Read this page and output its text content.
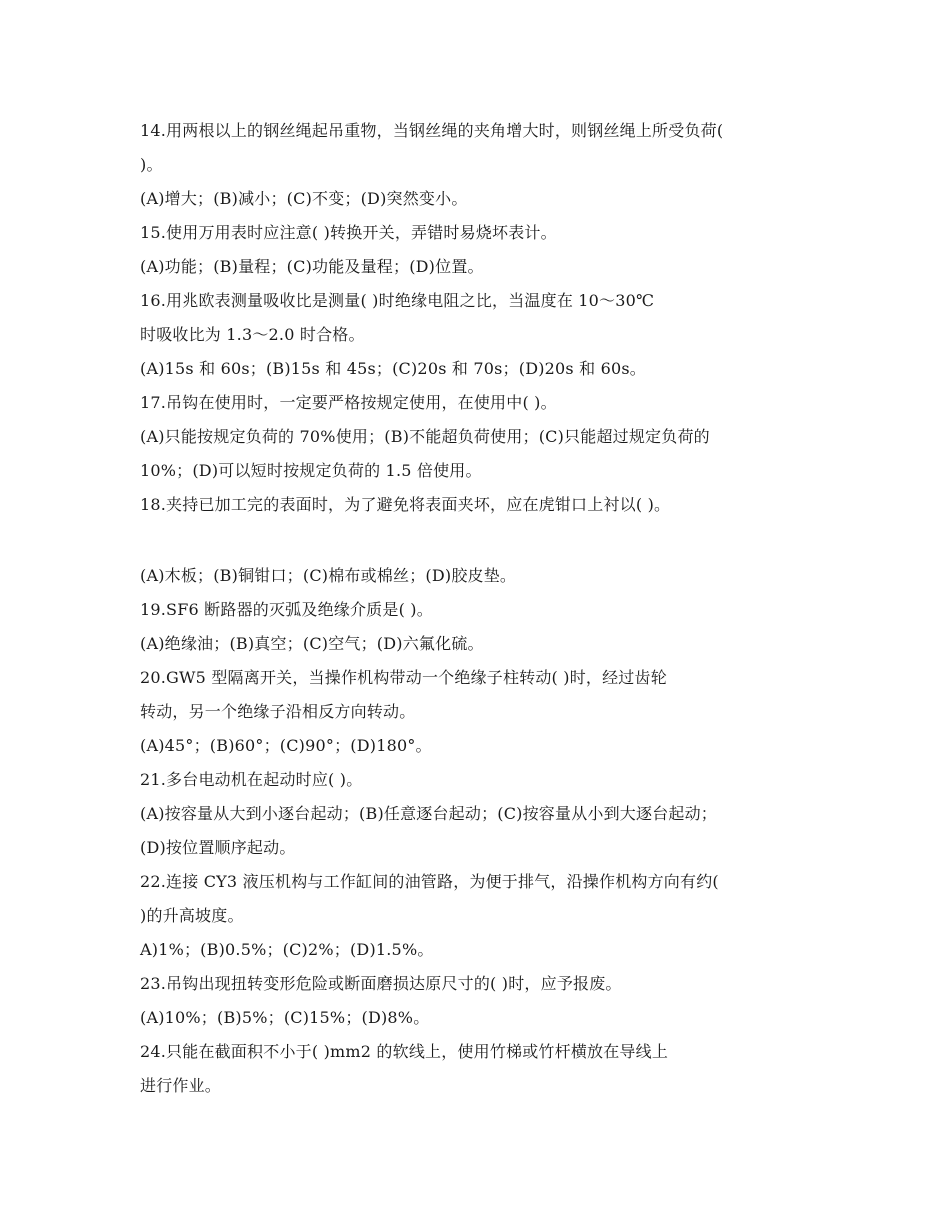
14.用两根以上的钢丝绳起吊重物，当钢丝绳的夹角增大时，则钢丝绳上所受负荷(
)。
(A)增大；(B)减小；(C)不变；(D)突然变小。
15.使用万用表时应注意( )转换开关，弄错时易烧坏表计。
(A)功能；(B)量程；(C)功能及量程；(D)位置。
16.用兆欧表测量吸收比是测量( )时绝缘电阻之比，当温度在 10～30℃
时吸收比为 1.3～2.0 时合格。
(A)15s 和 60s；(B)15s 和 45s；(C)20s 和 70s；(D)20s 和 60s。
17.吊钩在使用时，一定要严格按规定使用，在使用中( )。
(A)只能按规定负荷的 70%使用；(B)不能超负荷使用；(C)只能超过规定负荷的
10%；(D)可以短时按规定负荷的 1.5 倍使用。
18.夹持已加工完的表面时，为了避免将表面夹坏，应在虎钳口上衬以( )。
(A)木板；(B)铜钳口；(C)棉布或棉丝；(D)胶皮垫。
19.SF6 断路器的灭弧及绝缘介质是( )。
(A)绝缘油；(B)真空；(C)空气；(D)六氟化硫。
20.GW5 型隔离开关，当操作机构带动一个绝缘子柱转动( )时，经过齿轮
转动，另一个绝缘子沿相反方向转动。
(A)45°；(B)60°；(C)90°；(D)180°。
21.多台电动机在起动时应( )。
(A)按容量从大到小逐台起动；(B)任意逐台起动；(C)按容量从小到大逐台起动；
(D)按位置顺序起动。
22.连接 CY3 液压机构与工作缸间的油管路，为便于排气，沿操作机构方向有约(
)的升高坡度。
A)1%；(B)0.5%；(C)2%；(D)1.5%。
23.吊钩出现扭转变形危险或断面磨损达原尺寸的( )时，应予报废。
(A)10%；(B)5%；(C)15%；(D)8%。
24.只能在截面积不小于( )mm2 的软线上，使用竹梯或竹杆横放在导线上
进行作业。
